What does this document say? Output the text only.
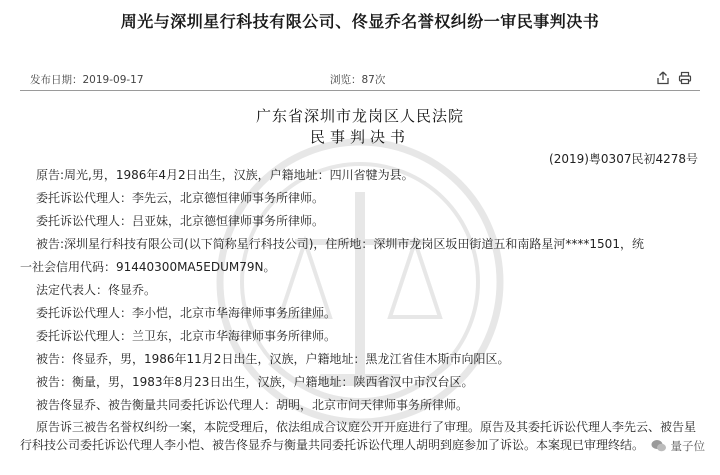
周光与深圳星行科技有限公司、佟显乔名誉权纠纷一审民事判决书
发布日期：2019-09-17	浏览：87次
广东省深圳市龙岗区人民法院
民事判决书
(2019)粤0307民初4278号
原告:周光,男，1986年4月2日出生，汉族，户籍地址：四川省犍为县。
委托诉讼代理人：李先云，北京德恒律师事务所律师。
委托诉讼代理人：吕亚妹，北京德恒律师事务所律师。
被告:深圳星行科技有限公司(以下简称星行科技公司)，住所地：深圳市龙岗区坂田街道五和南路星河****1501，统
一社会信用代码：91440300MA5EDUM79N。
法定代表人：佟显乔。
委托诉讼代理人：李小恺，北京市华海律师事务所律师。
委托诉讼代理人：兰卫东，北京市华海律师事务所律师。
被告：佟显乔，男，1986年11月2日出生，汉族，户籍地址：黑龙江省佳木斯市向阳区。
被告：衡量，男，1983年8月23日出生，汉族，户籍地址：陕西省汉中市汉台区。
被告佟显乔、被告衡量共同委托诉讼代理人：胡明，北京市问天律师事务所律师。
原告诉三被告名誉权纠纷一案，本院受理后，依法组成合议庭公开开庭进行了审理。原告及其委托诉讼代理人李先云、被告星行科技公司委托诉讼代理人李小恺、被告佟显乔与衡量共同委托诉讼代理人胡明到庭参加了诉讼。本案现已审理终结。	量子位
